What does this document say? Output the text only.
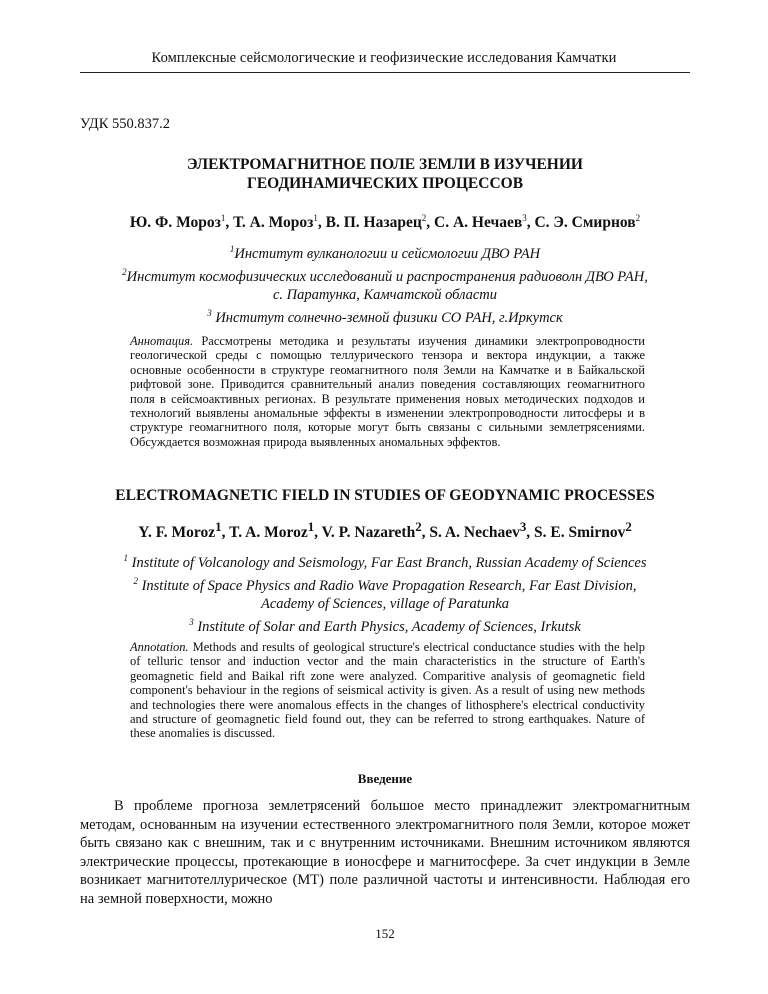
Комплексные сейсмологические и геофизические исследования Камчатки
УДК 550.837.2
ЭЛЕКТРОМАГНИТНОЕ ПОЛЕ ЗЕМЛИ В ИЗУЧЕНИИ
ГЕОДИНАМИЧЕСКИХ ПРОЦЕССОВ
Ю. Ф. Мороз$^1$, Т. А. Мороз$^1$, В. П. Назарец$^2$, С. А. Нечаев$^3$, С. Э. Смирнов$^2$
$^1$Институт вулканологии и сейсмологии ДВО РАН
$^2$Институт космофизических исследований и распространения радиоволн ДВО РАН,
с. Паратунка, Камчатской области
$^3$ Институт солнечно-земной физики СО РАН, г.Иркутск
Аннотация. Рассмотрены методика и результаты изучения динамики электропроводности геологической среды с помощью теллурического тензора и вектора индукции, а также основные особенности в структуре геомагнитного поля Земли на Камчатке и в Байкальской рифтовой зоне. Приводится сравнительный анализ поведения составляющих геомагнитного поля в сейсмоактивных регионах. В результате применения новых методических подходов и технологий выявлены аномальные эффекты в изменении электропроводности литосферы и в структуре геомагнитного поля, которые могут быть связаны с сильными землетрясениями. Обсуждается возможная природа выявленных аномальных эффектов.
ELECTROMAGNETIC FIELD IN STUDIES OF GEODYNAMIC PROCESSES
Y. F. Moroz$^1$, T. A. Moroz$^1$, V. P. Nazareth$^2$, S. A. Nechaev$^3$, S. E. Smirnov$^2$
$^1$ Institute of Volcanology and Seismology, Far East Branch, Russian Academy of Sciences
$^2$ Institute of Space Physics and Radio Wave Propagation Research, Far East Division,
Academy of Sciences, village of Paratunka
$^3$ Institute of Solar and Earth Physics, Academy of Sciences, Irkutsk
Annotation. Methods and results of geological structure's electrical conductance studies with the help of telluric tensor and induction vector and the main characteristics in the structure of Earth's geomagnetic field and Baikal rift zone were analyzed. Comparitive analysis of geomagnetic field component's behaviour in the regions of seismical activity is given. As a result of using new methods and technologies there were anomalous effects in the changes of lithosphere's electrical conductivity and structure of geomagnetic field found out, they can be referred to strong earthquakes. Nature of these anomalies is discussed.
Введение
В проблеме прогноза землетрясений большое место принадлежит электромагнитным методам, основанным на изучении естественного электромагнитного поля Земли, которое может быть связано как с внешним, так и с внутренним источниками. Внешним источником являются электрические процессы, протекающие в ионосфере и магнитосфере. За счет индукции в Земле возникает магнитотеллурическое (МТ) поле различной частоты и интенсивности. Наблюдая его на земной поверхности, можно
152
